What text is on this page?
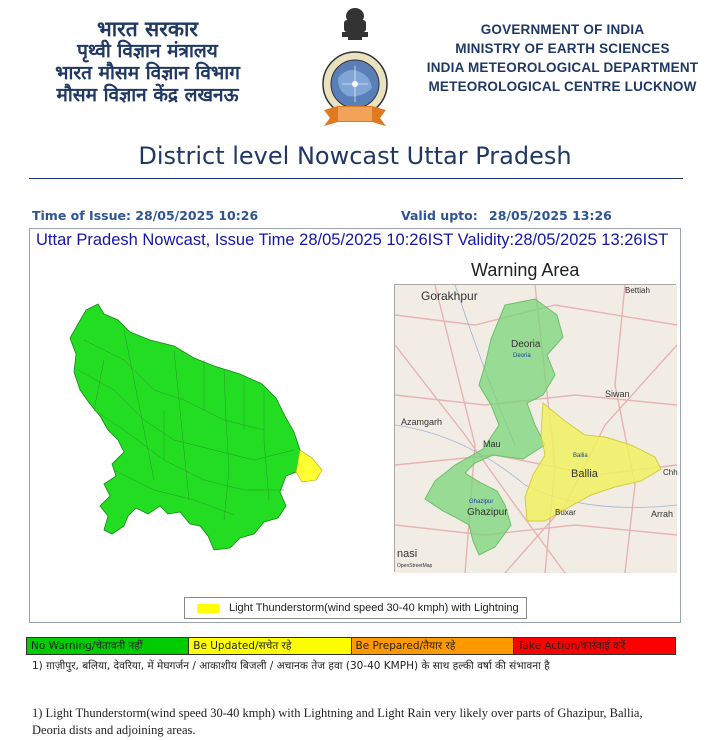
भारत सरकार
पृथ्वी विज्ञान मंत्रालय
भारत मौसम विज्ञान विभाग
मौसम विज्ञान केंद्र लखनऊ
GOVERNMENT OF INDIA
MINISTRY OF EARTH SCIENCES
INDIA METEOROLOGICAL DEPARTMENT
METEOROLOGICAL CENTRE LUCKNOW
District level Nowcast Uttar Pradesh
Time of Issue: 28/05/2025 10:26	Valid upto: 28/05/2025 13:26
Uttar Pradesh Nowcast, Issue Time 28/05/2025 10:26IST Validity:28/05/2025 13:26IST
Warning Area
Gorakhpur	Bettiah
Deoria
Deoria
Siwan
Azamgarh
Mau
Ballia
Ballia
Ghazipur
Ghazipur	Buxar	Arrah
Chh
nasi
OpenStreetMap
Light Thunderstorm(wind speed 30-40 kmph) with Lightning
No Warning/चेतावनी नहीं	Be Updated/सचेत रहे	Be Prepared/तैयार रहे	Take Action/कार्रवाई करें
1) ग़ाज़ीपुर, बलिया, देवरिया, में मेघगर्जन / आकाशीय बिजली / अचानक तेज हवा (30-40 KMPH) के साथ हल्की वर्षा की संभावना है
1) Light Thunderstorm(wind speed 30-40 kmph) with Lightning and Light Rain very likely over parts of Ghazipur, Ballia, Deoria dists and adjoining areas.
